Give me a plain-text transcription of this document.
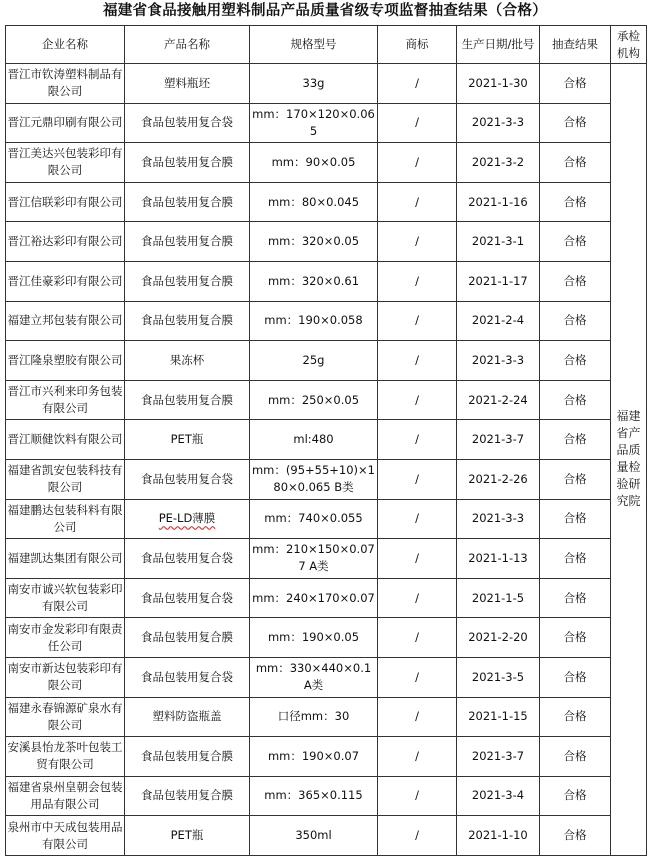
福建省食品接触用塑料制品产品质量省级专项监督抽查结果（合格）
企业名称	产品名称	规格型号	商标	生产日期/批号	抽查结果	承检机构
晋江市钦涛塑料制品有限公司	塑料瓶坯	33g	/	2021-1-30	合格	福建省产品质量检验研究院
晋江元鼎印刷有限公司	食品包装用复合袋	mm：170×120×0.065	/	2021-3-3	合格	
晋江美达兴包装彩印有限公司	食品包装用复合膜	mm：90×0.05	/	2021-3-2	合格	
晋江信联彩印有限公司	食品包装用复合膜	mm：80×0.045	/	2021-1-16	合格	
晋江裕达彩印有限公司	食品包装用复合膜	mm：320×0.05	/	2021-3-1	合格	
晋江佳豪彩印有限公司	食品包装用复合膜	mm：320×0.61	/	2021-1-17	合格	
福建立邦包装有限公司	食品包装用复合膜	mm：190×0.058	/	2021-2-4	合格	
晋江隆泉塑胶有限公司	果冻杯	25g	/	2021-3-3	合格	
晋江市兴利来印务包装有限公司	食品包装用复合膜	mm：250×0.05	/	2021-2-24	合格	
晋江顺健饮料有限公司	PET瓶	ml:480	/	2021-3-7	合格	
福建省凯安包装科技有限公司	食品包装用复合袋	mm：(95+55+10)×180×0.065 B类	/	2021-2-26	合格	
福建鹏达包装科料有限公司	PE-LD薄膜	mm：740×0.055	/	2021-3-3	合格	
福建凯达集团有限公司	食品包装用复合袋	mm：210×150×0.077 A类	/	2021-1-13	合格	
南安市诚兴软包装彩印有限公司	食品包装用复合袋	mm：240×170×0.07	/	2021-1-5	合格	
南安市金发彩印有限责任公司	食品包装用复合膜	mm：190×0.05	/	2021-2-20	合格	
南安市新达包装彩印有限公司	食品包装用复合袋	mm：330×440×0.1 A类	/	2021-3-5	合格	
福建永春锦源矿泉水有限公司	塑料防盗瓶盖	口径mm：30	/	2021-1-15	合格	
安溪县怡龙茶叶包装工贸有限公司	食品包装用复合膜	mm：190×0.07	/	2021-3-7	合格	
福建省泉州皇朝会包装用品有限公司	食品包装用复合膜	mm：365×0.115	/	2021-3-4	合格	
泉州市中天成包装用品有限公司	PET瓶	350ml	/	2021-1-10	合格	
